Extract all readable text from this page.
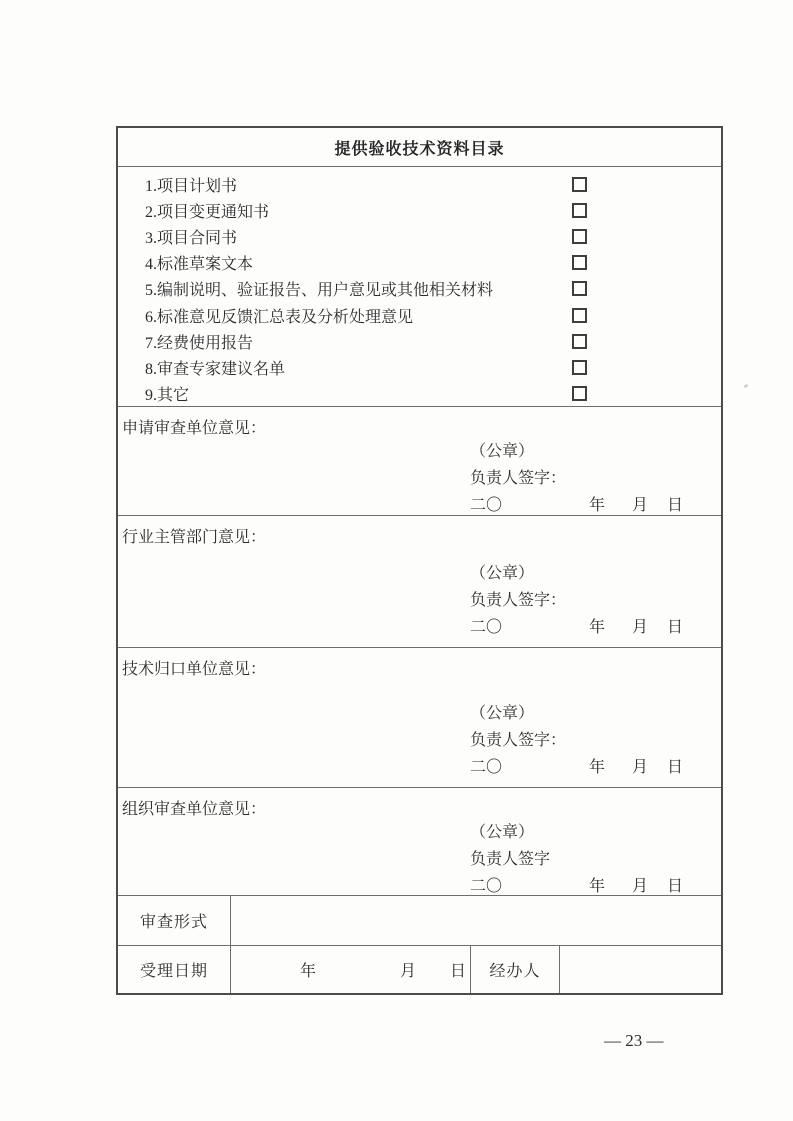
提供验收技术资料目录
1.项目计划书
2.项目变更通知书
3.项目合同书
4.标准草案文本
5.编制说明、验证报告、用户意见或其他相关材料
6.标准意见反馈汇总表及分析处理意见
7.经费使用报告
8.审查专家建议名单
9.其它
申请审查单位意见：
（公章）
负责人签字：
二〇	年 月 日
行业主管部门意见：
（公章）
负责人签字：
二〇	年 月 日
技术归口单位意见：
（公章）
负责人签字：
二〇	年 月 日
组织审查单位意见：
（公章）
负责人签字
二〇	年 月 日
审查形式
受理日期	年	月 日	经办人
— 23 —
